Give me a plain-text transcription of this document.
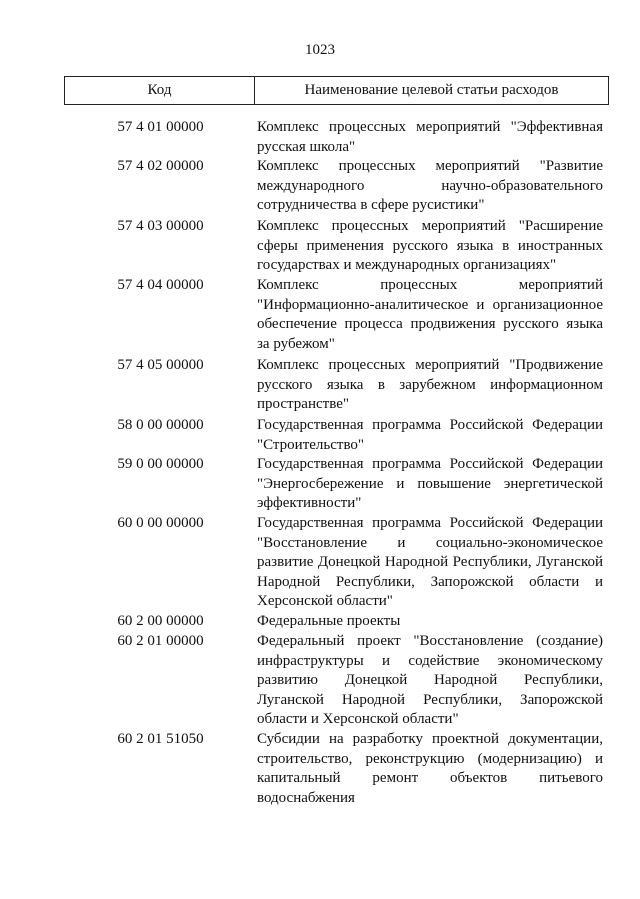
1023
Код	Наименование целевой статьи расходов
57 4 01 00000	Комплекс процессных мероприятий "Эффективная русская школа"
57 4 02 00000	Комплекс процессных мероприятий "Развитие международного научно-образовательного сотрудничества в сфере русистики"
57 4 03 00000	Комплекс процессных мероприятий "Расширение сферы применения русского языка в иностранных государствах и международных организациях"
57 4 04 00000	Комплекс процессных мероприятий "Информационно-аналитическое и организационное обеспечение процесса продвижения русского языка за рубежом"
57 4 05 00000	Комплекс процессных мероприятий "Продвижение русского языка в зарубежном информационном пространстве"
58 0 00 00000	Государственная программа Российской Федерации "Строительство"
59 0 00 00000	Государственная программа Российской Федерации "Энергосбережение и повышение энергетической эффективности"
60 0 00 00000	Государственная программа Российской Федерации "Восстановление и социально-экономическое развитие Донецкой Народной Республики, Луганской Народной Республики, Запорожской области и Херсонской области"
60 2 00 00000	Федеральные проекты
60 2 01 00000	Федеральный проект "Восстановление (создание) инфраструктуры и содействие экономическому развитию Донецкой Народной Республики, Луганской Народной Республики, Запорожской области и Херсонской области"
60 2 01 51050	Субсидии на разработку проектной документации, строительство, реконструкцию (модернизацию) и капитальный ремонт объектов питьевого водоснабжения
